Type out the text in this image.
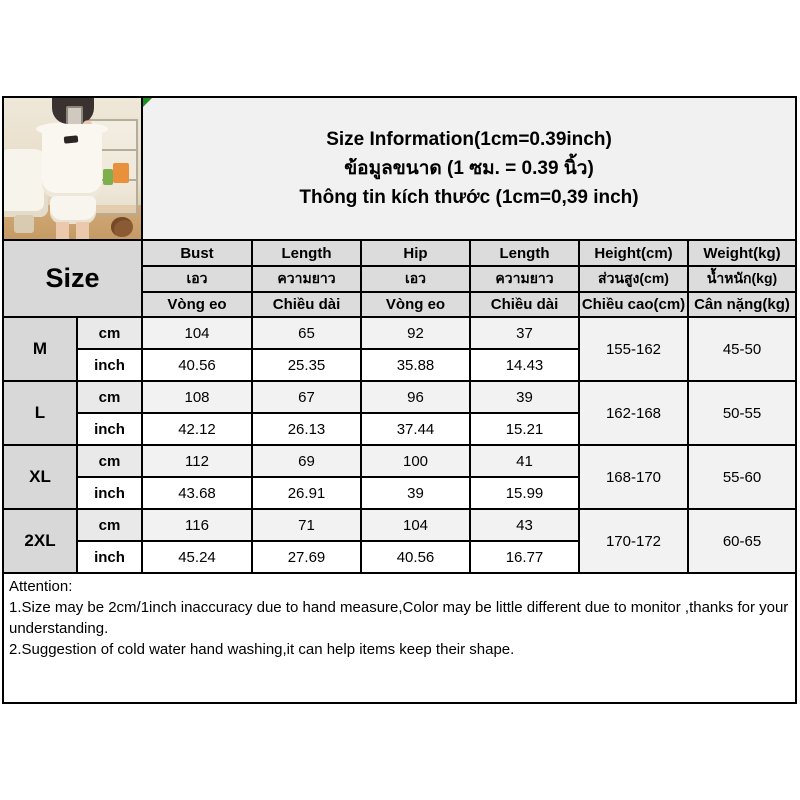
		Size Information(1cm=0.39inch)
ข้อมูลขนาด (1 ซม. = 0.39 นิ้ว)
Thông tin kích thước (1cm=0,39 inch)					

Size		Bust	Length	Hip	Length	Height(cm)	Weight(kg)
		เอว	ความยาว	เอว	ความยาว	ส่วนสูง(cm)	น้ำหนัก(kg)
		Vòng eo	Chiều dài	Vòng eo	Chiều dài	Chiều cao(cm)	Cân nặng(kg)
M	cm	104	65	92	37	155-162	45-50
	inch	40.56	25.35	35.88	14.43		
L	cm	108	67	96	39	162-168	50-55
	inch	42.12	26.13	37.44	15.21		
XL	cm	112	69	100	41	168-170	55-60
	inch	43.68	26.91	39	15.99		
2XL	cm	116	71	104	43	170-172	60-65
	inch	45.24	27.69	40.56	16.77		

Attention:
1.Size may be 2cm/1inch inaccuracy due to hand measure,Color may be little different due to monitor ,thanks for your understanding.
2.Suggestion of cold water hand washing,it can help items keep their shape.							
